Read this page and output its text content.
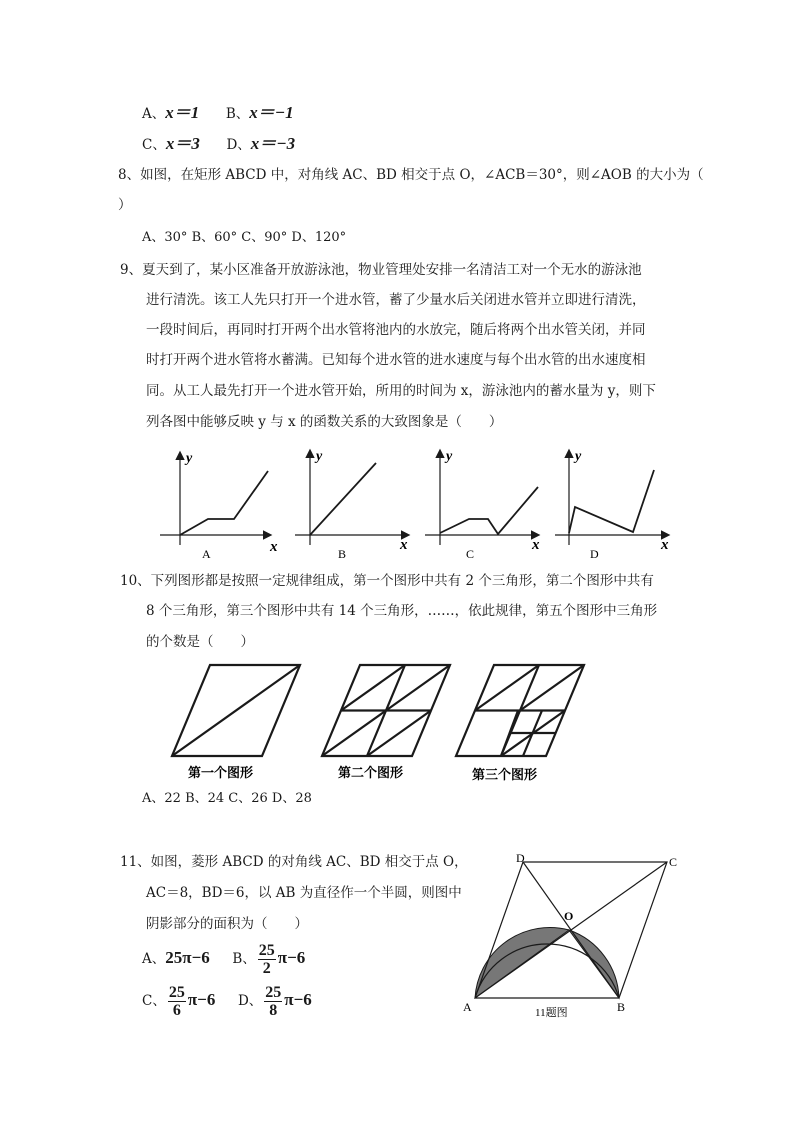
A、x＝1 B、x＝−1
C、x＝3 D、x＝−3
8、如图，在矩形 ABCD 中，对角线 AC、BD 相交于点 O，∠ACB＝30°，则∠AOB 的大小为（
）
A、30° B、60° C、90° D、120°
9、夏天到了，某小区准备开放游泳池，物业管理处安排一名清洁工对一个无水的游泳池
进行清洗。该工人先只打开一个进水管，蓄了少量水后关闭进水管并立即进行清洗，
一段时间后，再同时打开两个出水管将池内的水放完，随后将两个出水管关闭，并同
时打开两个进水管将水蓄满。已知每个进水管的进水速度与每个出水管的出水速度相
同。从工人最先打开一个进水管开始，所用的时间为 x，游泳池内的蓄水量为 y，则下
列各图中能够反映 y 与 x 的函数关系的大致图象是（　　）
y
x
A
y
x
B
y
x
C
y
x
D
10、下列图形都是按照一定规律组成，第一个图形中共有 2 个三角形，第二个图形中共有
8 个三角形，第三个图形中共有 14 个三角形，……，依此规律，第五个图形中三角形
的个数是（　　）
第一个图形	第二个图形	第三个图形
A、22 B、24 C、26 D、28
11、如图，菱形 ABCD 的对角线 AC、BD 相交于点 O，
AC＝8，BD＝6，以 AB 为直径作一个半圆，则图中
阴影部分的面积为（　　）
A、25π−6 B、 $\frac{25}{2} \pi-6$
C、 $\frac{25}{6} \pi-6$ D、 $\frac{25}{8} \pi-6$
D	C
O
A	B
11题图
